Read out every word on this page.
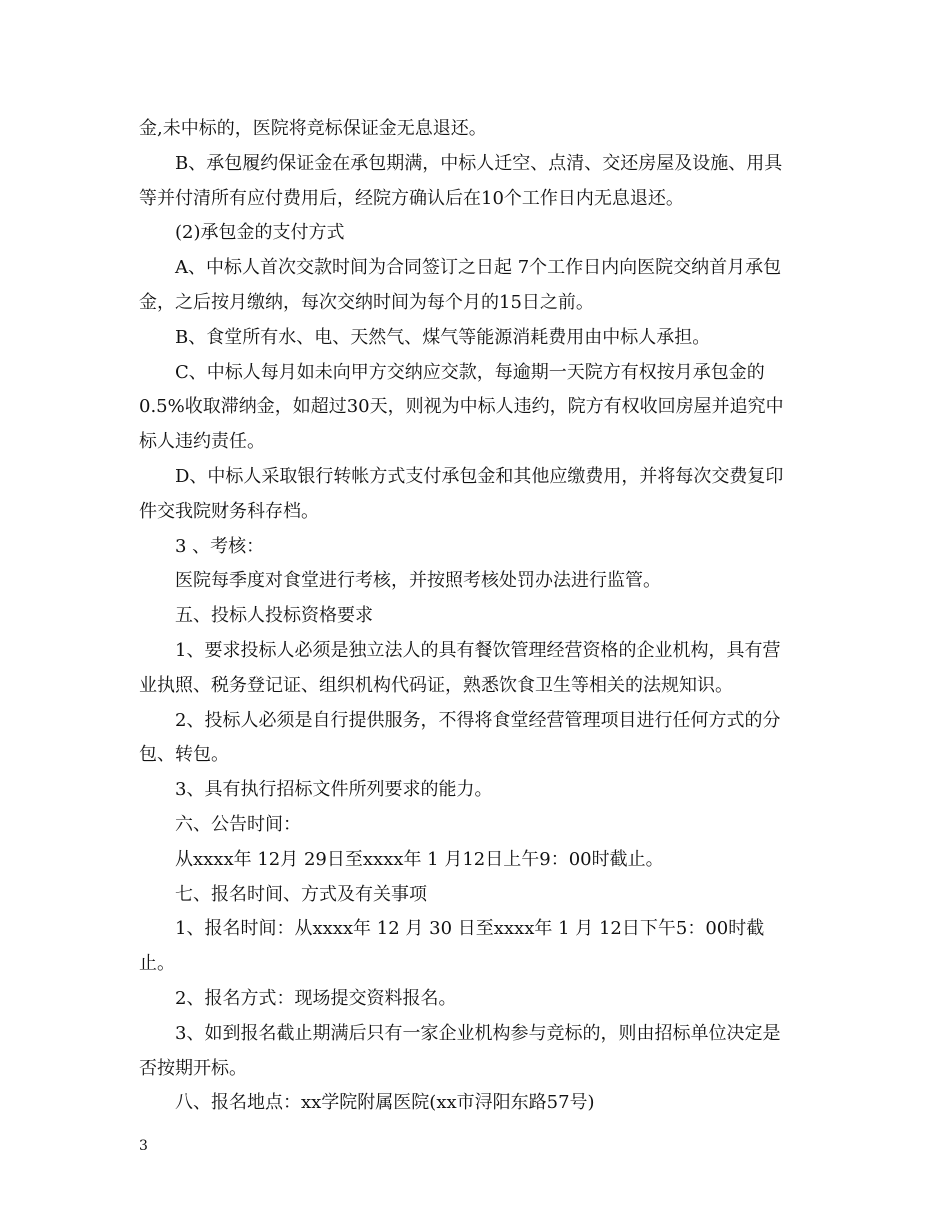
金,未中标的，医院将竞标保证金无息退还。
B、承包履约保证金在承包期满，中标人迁空、点清、交还房屋及设施、用具
等并付清所有应付费用后，经院方确认后在10个工作日内无息退还。
(2)承包金的支付方式
A、中标人首次交款时间为合同签订之日起 7个工作日内向医院交纳首月承包
金，之后按月缴纳，每次交纳时间为每个月的15日之前。
B、食堂所有水、电、天然气、煤气等能源消耗费用由中标人承担。
C、中标人每月如未向甲方交纳应交款，每逾期一天院方有权按月承包金的
0.5%收取滞纳金，如超过30天，则视为中标人违约，院方有权收回房屋并追究中
标人违约责任。
D、中标人采取银行转帐方式支付承包金和其他应缴费用，并将每次交费复印
件交我院财务科存档。
3 、考核：
医院每季度对食堂进行考核，并按照考核处罚办法进行监管。
五、投标人投标资格要求
1、要求投标人必须是独立法人的具有餐饮管理经营资格的企业机构，具有营
业执照、税务登记证、组织机构代码证，熟悉饮食卫生等相关的法规知识。
2、投标人必须是自行提供服务，不得将食堂经营管理项目进行任何方式的分
包、转包。
3、具有执行招标文件所列要求的能力。
六、公告时间：
从xxxx年 12月 29日至xxxx年 1 月12日上午9：00时截止。
七、报名时间、方式及有关事项
1、报名时间：从xxxx年 12 月 30 日至xxxx年 1 月 12日下午5：00时截
止。
2、报名方式：现场提交资料报名。
3、如到报名截止期满后只有一家企业机构参与竞标的，则由招标单位决定是
否按期开标。
八、报名地点：xx学院附属医院(xx市浔阳东路57号)
3
